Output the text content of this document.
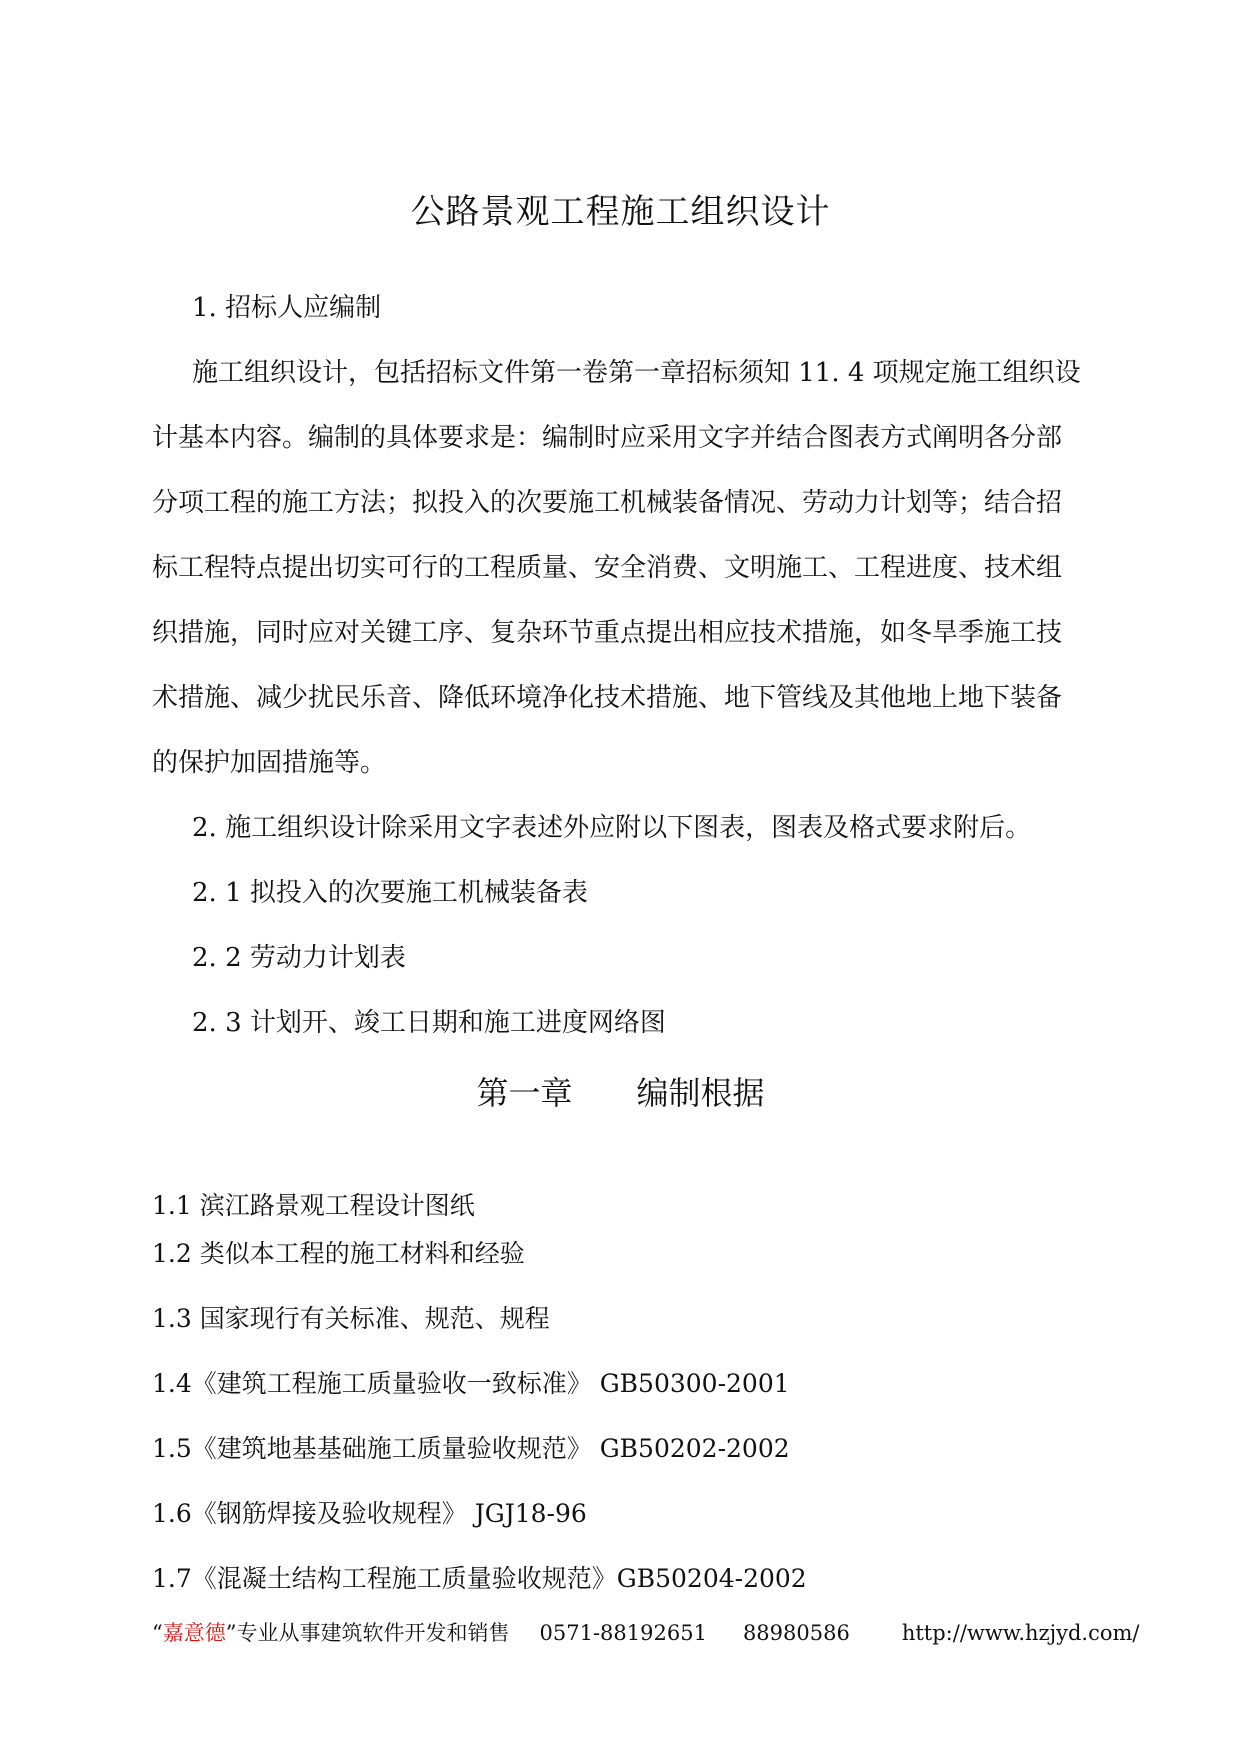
公路景观工程施工组织设计
1. 招标人应编制
施工组织设计，包括招标文件第一卷第一章招标须知 11. 4 项规定施工组织设
计基本内容。编制的具体要求是：编制时应采用文字并结合图表方式阐明各分部
分项工程的施工方法；拟投入的次要施工机械装备情况、劳动力计划等；结合招
标工程特点提出切实可行的工程质量、安全消费、文明施工、工程进度、技术组
织措施，同时应对关键工序、复杂环节重点提出相应技术措施，如冬旱季施工技
术措施、减少扰民乐音、降低环境净化技术措施、地下管线及其他地上地下装备
的保护加固措施等。
2. 施工组织设计除采用文字表述外应附以下图表，图表及格式要求附后。
2. 1 拟投入的次要施工机械装备表
2. 2 劳动力计划表
2. 3 计划开、竣工日期和施工进度网络图
第一章　　编制根据
1.1 滨江路景观工程设计图纸
1.2 类似本工程的施工材料和经验
1.3 国家现行有关标准、规范、规程
1.4《建筑工程施工质量验收一致标准》 GB50300-2001
1.5《建筑地基基础施工质量验收规范》 GB50202-2002
1.6《钢筋焊接及验收规程》 JGJ18-96
1.7《混凝土结构工程施工质量验收规范》GB50204-2002
“嘉意德”专业从事建筑软件开发和销售 0571-88192651 88980586 http://www.hzjyd.com/
